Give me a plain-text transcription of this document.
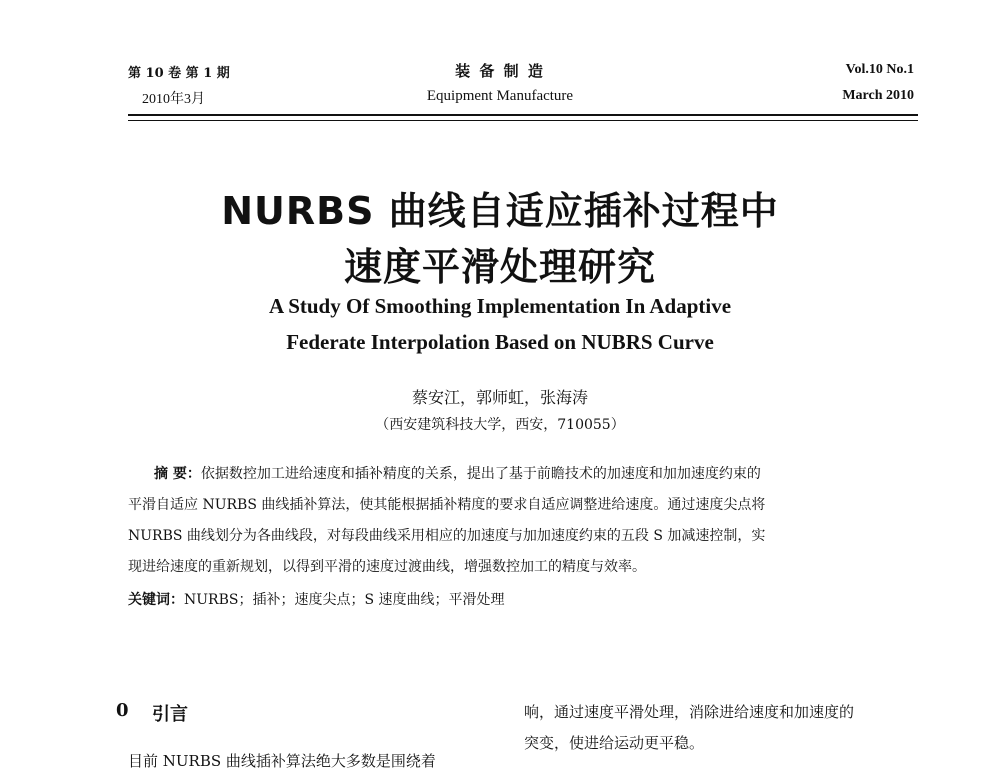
第 10 卷 第 1 期
2010年3月
装 备 制 造
Equipment Manufacture
Vol.10 No.1
March 2010
NURBS 曲线自适应插补过程中
速度平滑处理研究
A Study Of Smoothing Implementation In Adaptive
Federate Interpolation Based on NUBRS Curve
蔡安江，郭师虹，张海涛
（西安建筑科技大学，西安，710055）
摘 要：依据数控加工进给速度和插补精度的关系，提出了基于前瞻技术的加速度和加加速度约束的
平滑自适应 NURBS 曲线插补算法，使其能根据插补精度的要求自适应调整进给速度。通过速度尖点将
NURBS 曲线划分为各曲线段，对每段曲线采用相应的加速度与加加速度约束的五段 S 加减速控制，实
现进给速度的重新规划，以得到平滑的速度过渡曲线，增强数控加工的精度与效率。
关键词：NURBS；插补；速度尖点；S 速度曲线；平滑处理
0 引言	响，通过速度平滑处理，消除进给速度和加速度的
突变，使进给运动更平稳。
目前 NURBS 曲线插补算法绝大多数是围绕着
